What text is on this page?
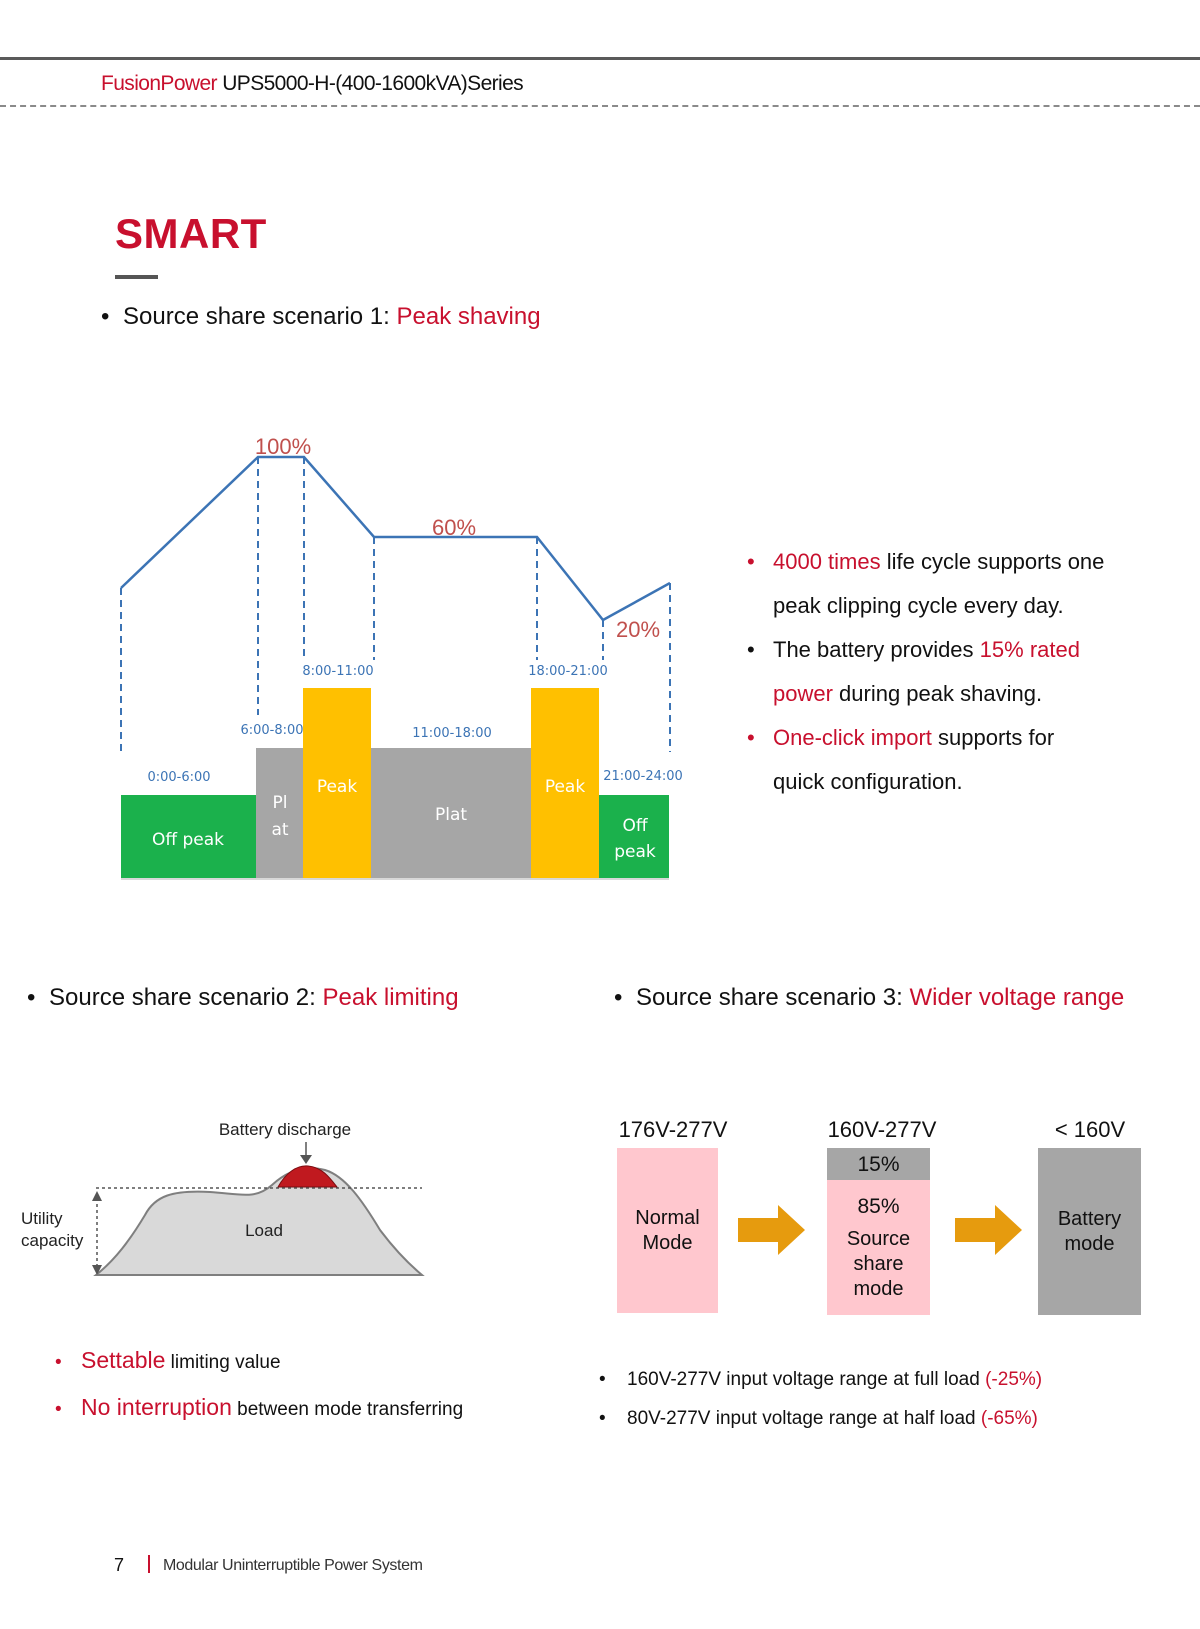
FusionPower UPS5000-H-(400-1600kVA)Series
SMART
• Source share scenario 1: Peak shaving
100%
60%
20%
0:00-6:00
6:00-8:00
8:00-11:00
11:00-18:00
18:00-21:00
21:00-24:00
Off peak
Pl
at
Peak
Plat
Peak
Off
peak
• 4000 times life cycle supports one
peak clipping cycle every day.
• The battery provides 15% rated
power during peak shaving.
• One-click import supports for
quick configuration.
• Source share scenario 2: Peak limiting	• Source share scenario 3: Wider voltage range
Battery discharge
Utility
capacity
Load
• Settable limiting value
• No interruption between mode transferring
176V-277V	160V-277V	< 160V
Normal
Mode
15%
85%
Source
share
mode
Battery
mode
• 160V-277V input voltage range at full load (-25%)
• 80V-277V input voltage range at half load (-65%)
7 Modular Uninterruptible Power System
